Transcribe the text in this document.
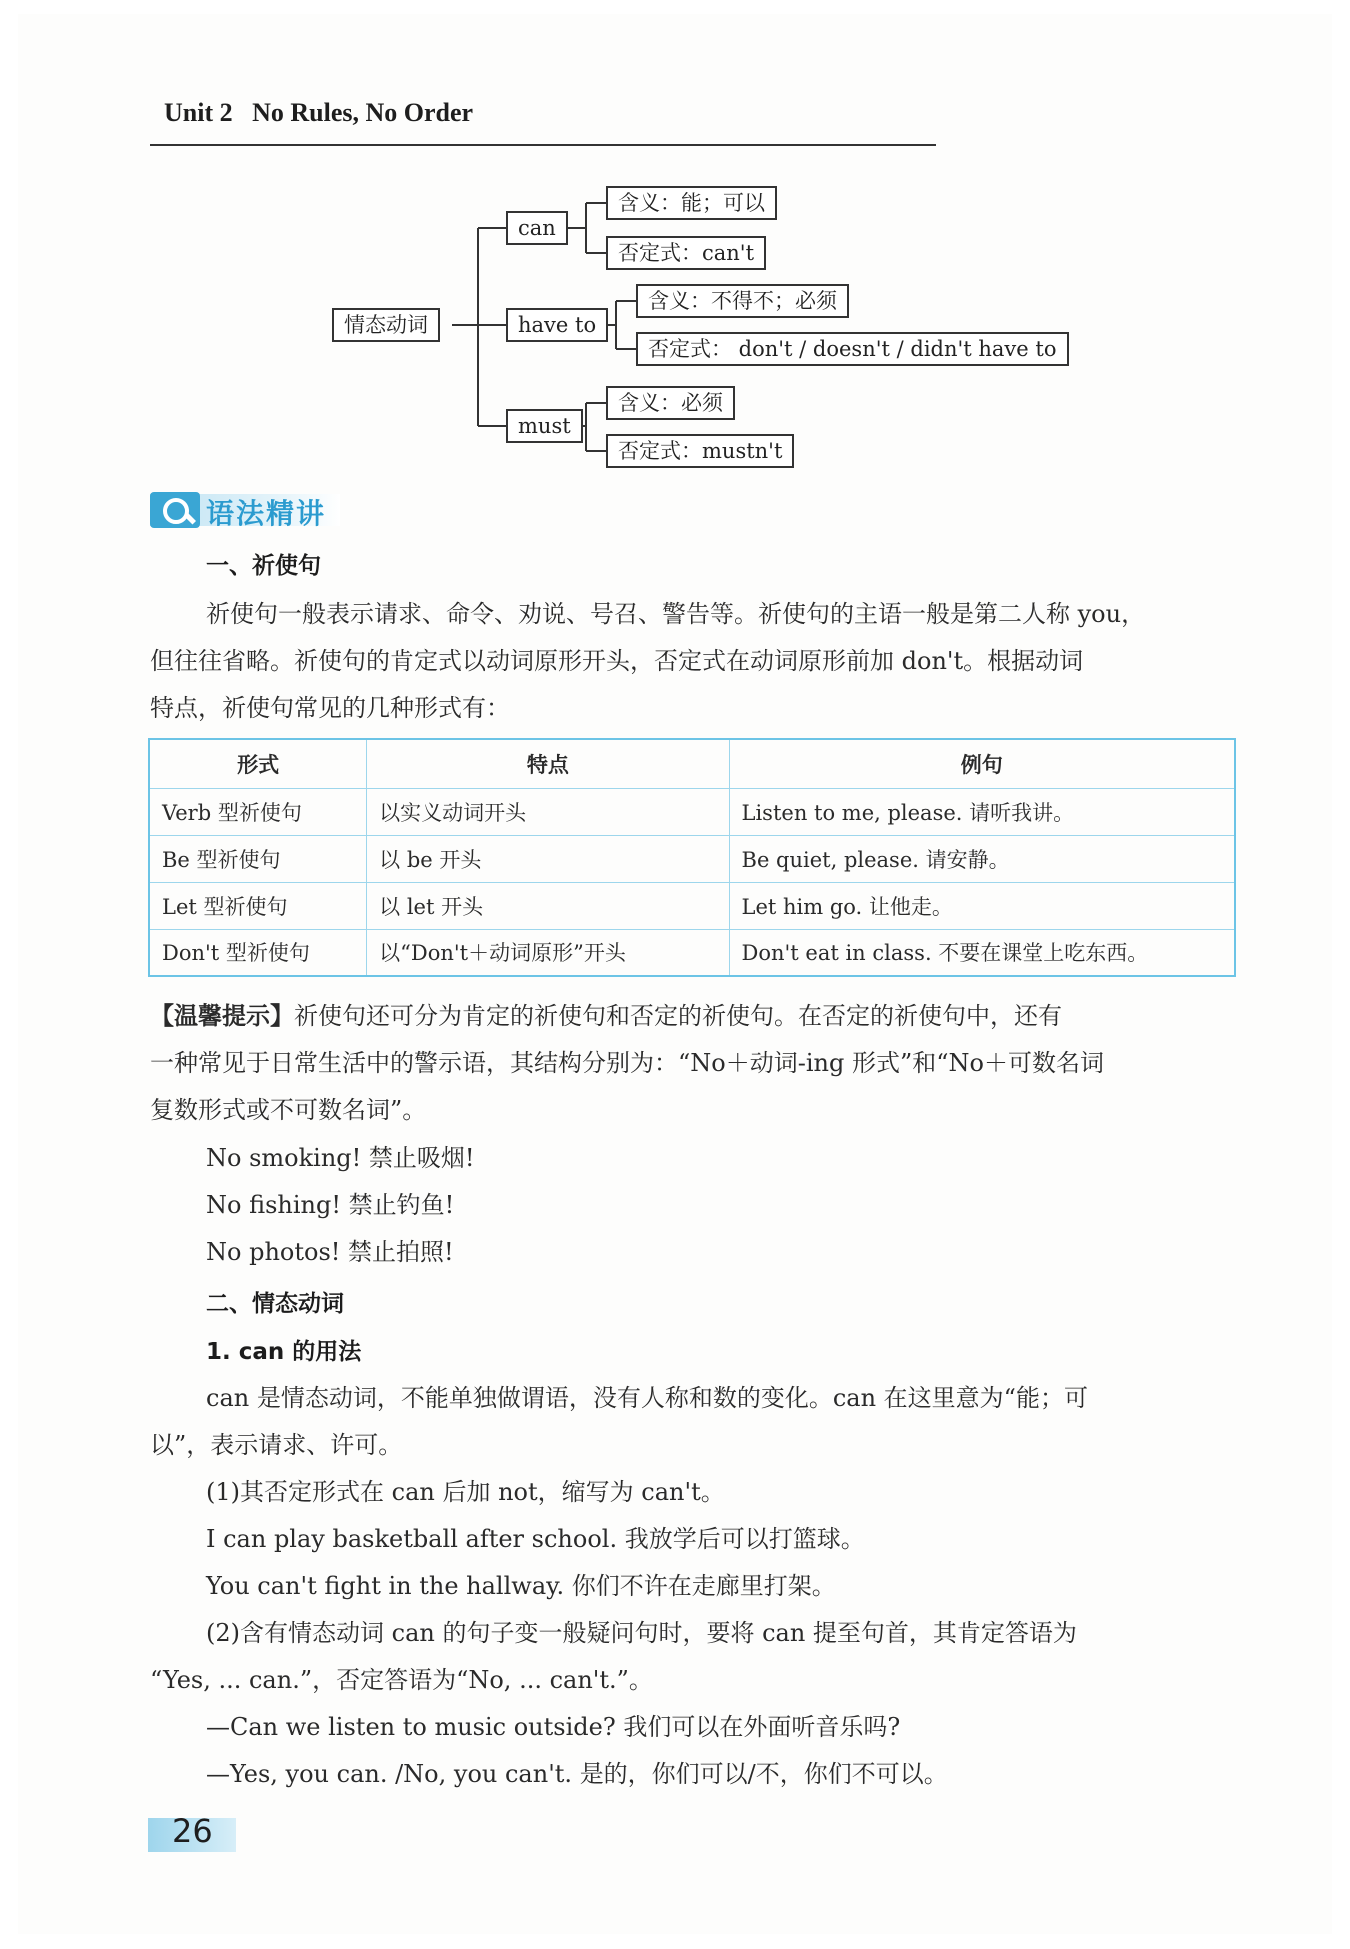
Unit 2   No Rules, No Order
情态动词
can
含义：能；可以
否定式：can't
have to
含义：不得不；必须
否定式： don't / doesn't / didn't have to
must
含义：必须
否定式：mustn't
语法精讲
一、祈使句
祈使句一般表示请求、命令、劝说、号召、警告等。祈使句的主语一般是第二人称 you，
但往往省略。祈使句的肯定式以动词原形开头，否定式在动词原形前加 don't。根据动词
特点，祈使句常见的几种形式有：
形式	特点	例句
Verb 型祈使句	以实义动词开头	Listen to me, please. 请听我讲。
Be 型祈使句	以 be 开头	Be quiet, please. 请安静。
Let 型祈使句	以 let 开头	Let him go. 让他走。
Don't 型祈使句	以“Don't＋动词原形”开头	Don't eat in class. 不要在课堂上吃东西。
【温馨提示】祈使句还可分为肯定的祈使句和否定的祈使句。在否定的祈使句中，还有
一种常见于日常生活中的警示语，其结构分别为：“No＋动词-ing 形式”和“No＋可数名词
复数形式或不可数名词”。
No smoking! 禁止吸烟!
No fishing! 禁止钓鱼!
No photos! 禁止拍照!
二、情态动词
1. can 的用法
can 是情态动词，不能单独做谓语，没有人称和数的变化。can 在这里意为“能；可
以”，表示请求、许可。
(1)其否定形式在 can 后加 not，缩写为 can't。
I can play basketball after school. 我放学后可以打篮球。
You can't fight in the hallway. 你们不许在走廊里打架。
(2)含有情态动词 can 的句子变一般疑问句时，要将 can 提至句首，其肯定答语为
“Yes, ... can.”，否定答语为“No, ... can't.”。
—Can we listen to music outside? 我们可以在外面听音乐吗?
—Yes, you can. /No, you can't. 是的，你们可以/不，你们不可以。
26
